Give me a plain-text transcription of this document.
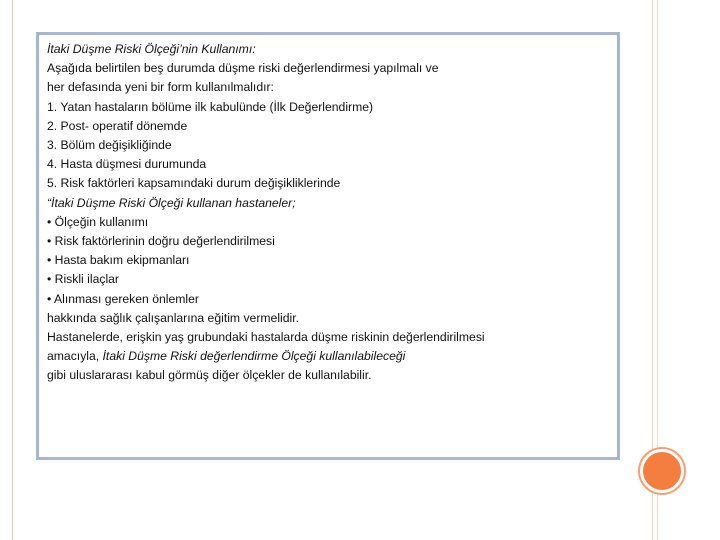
İtaki Düşme Riski Ölçeği’nin Kullanımı:
Aşağıda belirtilen beş durumda düşme riski değerlendirmesi yapılmalı ve
her defasında yeni bir form kullanılmalıdır:
1. Yatan hastaların bölüme ilk kabulünde (İlk Değerlendirme)
2. Post- operatif dönemde
3. Bölüm değişikliğinde
4. Hasta düşmesi durumunda
5. Risk faktörleri kapsamındaki durum değişikliklerinde
“İtaki Düşme Riski Ölçeği kullanan hastaneler;
• Ölçeğin kullanımı
• Risk faktörlerinin doğru değerlendirilmesi
• Hasta bakım ekipmanları
• Riskli ilaçlar
• Alınması gereken önlemler
hakkında sağlık çalışanlarına eğitim vermelidir.
Hastanelerde, erişkin yaş grubundaki hastalarda düşme riskinin değerlendirilmesi
amacıyla, İtaki Düşme Riski değerlendirme Ölçeği kullanılabileceği
gibi uluslararası kabul görmüş diğer ölçekler de kullanılabilir.
